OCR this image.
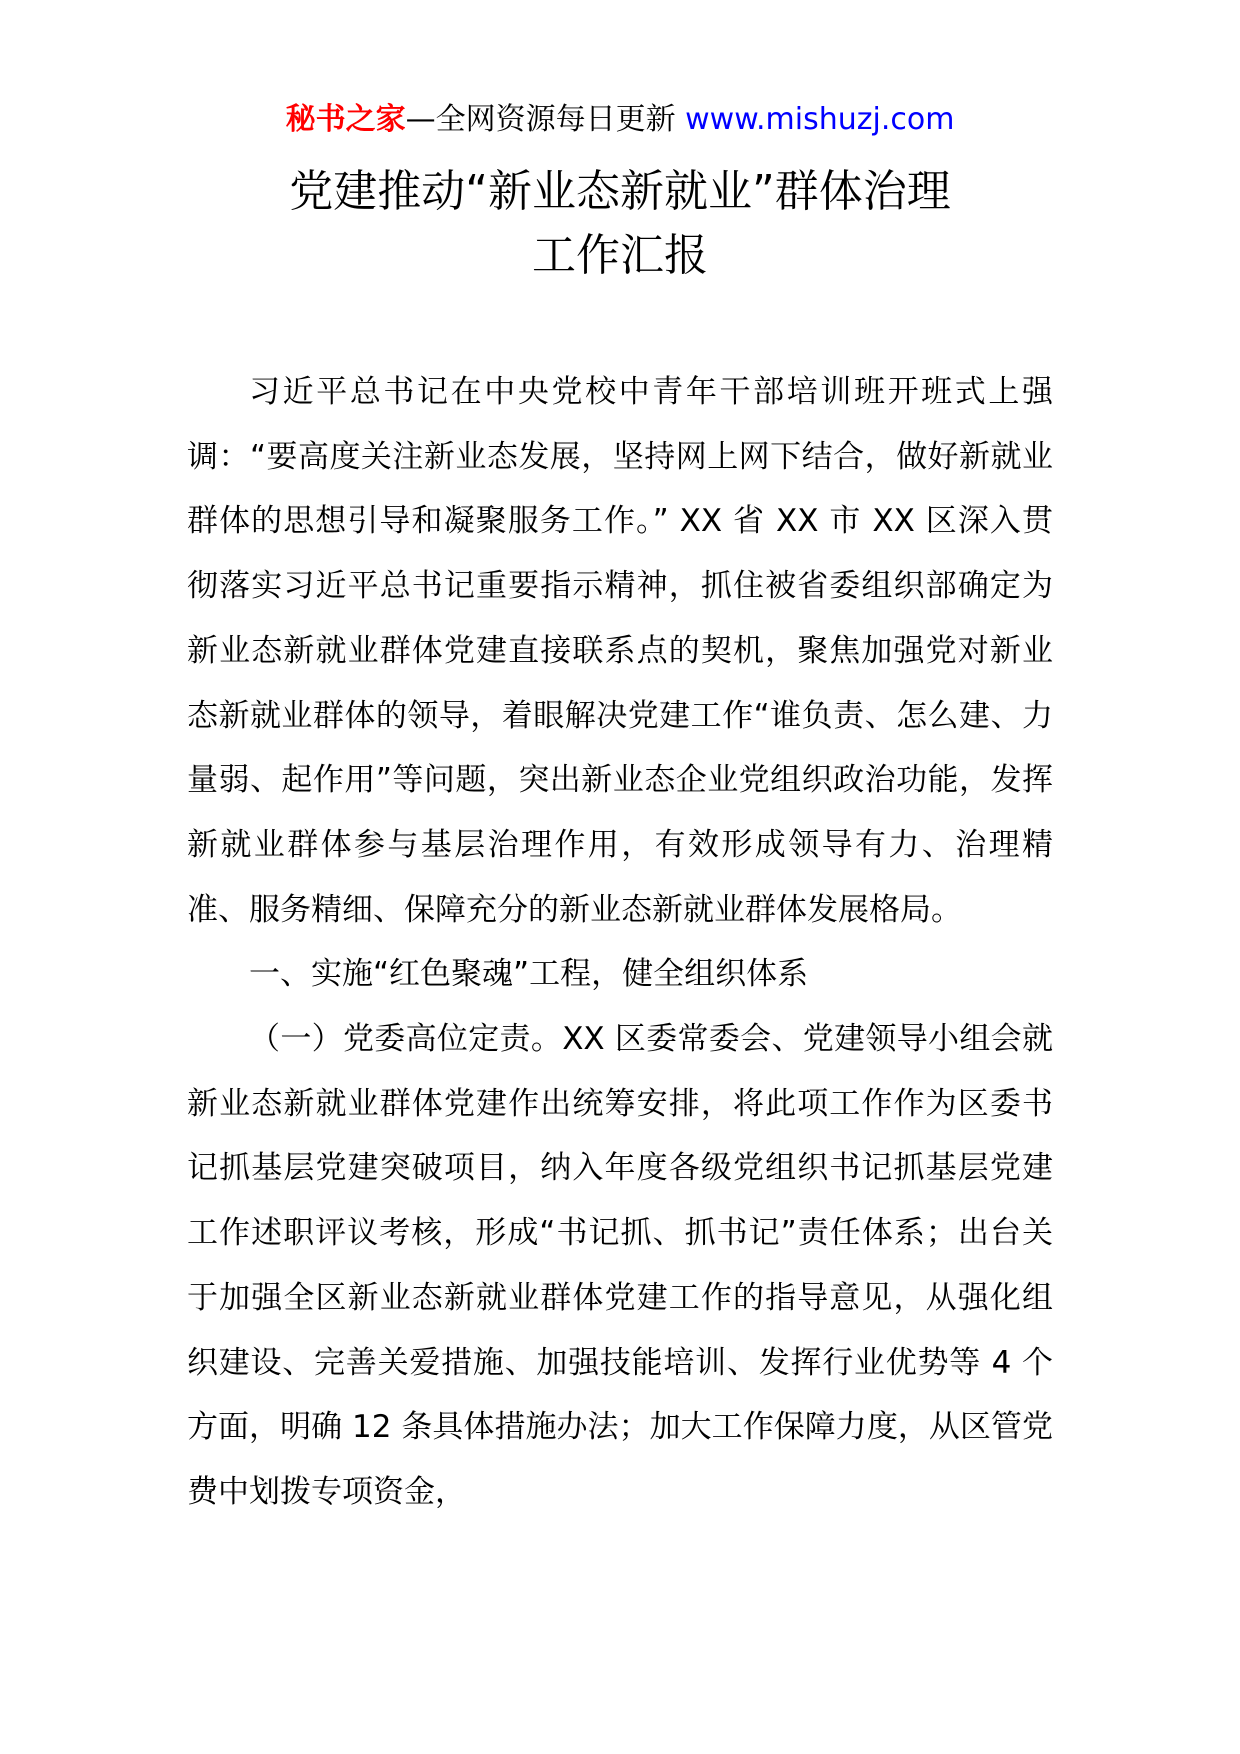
秘书之家—全网资源每日更新 www.mishuzj.com
党建推动“新业态新就业”群体治理
工作汇报

习近平总书记在中央党校中青年干部培训班开班式上强调：“要高度关注新业态发展，坚持网上网下结合，做好新就业群体的思想引导和凝聚服务工作。” XX 省 XX 市 XX 区深入贯彻落实习近平总书记重要指示精神，抓住被省委组织部确定为新业态新就业群体党建直接联系点的契机，聚焦加强党对新业态新就业群体的领导，着眼解决党建工作“谁负责、怎么建、力量弱、起作用”等问题，突出新业态企业党组织政治功能，发挥新就业群体参与基层治理作用，有效形成领导有力、治理精准、服务精细、保障充分的新业态新就业群体发展格局。

一、实施“红色聚魂”工程，健全组织体系

（一）党委高位定责。XX 区委常委会、党建领导小组会就新业态新就业群体党建作出统筹安排，将此项工作作为区委书记抓基层党建突破项目，纳入年度各级党组织书记抓基层党建工作述职评议考核，形成“书记抓、抓书记”责任体系；出台关于加强全区新业态新就业群体党建工作的指导意见，从强化组织建设、完善关爱措施、加强技能培训、发挥行业优势等 4 个方面，明确 12 条具体措施办法；加大工作保障力度，从区管党费中划拨专项资金，
